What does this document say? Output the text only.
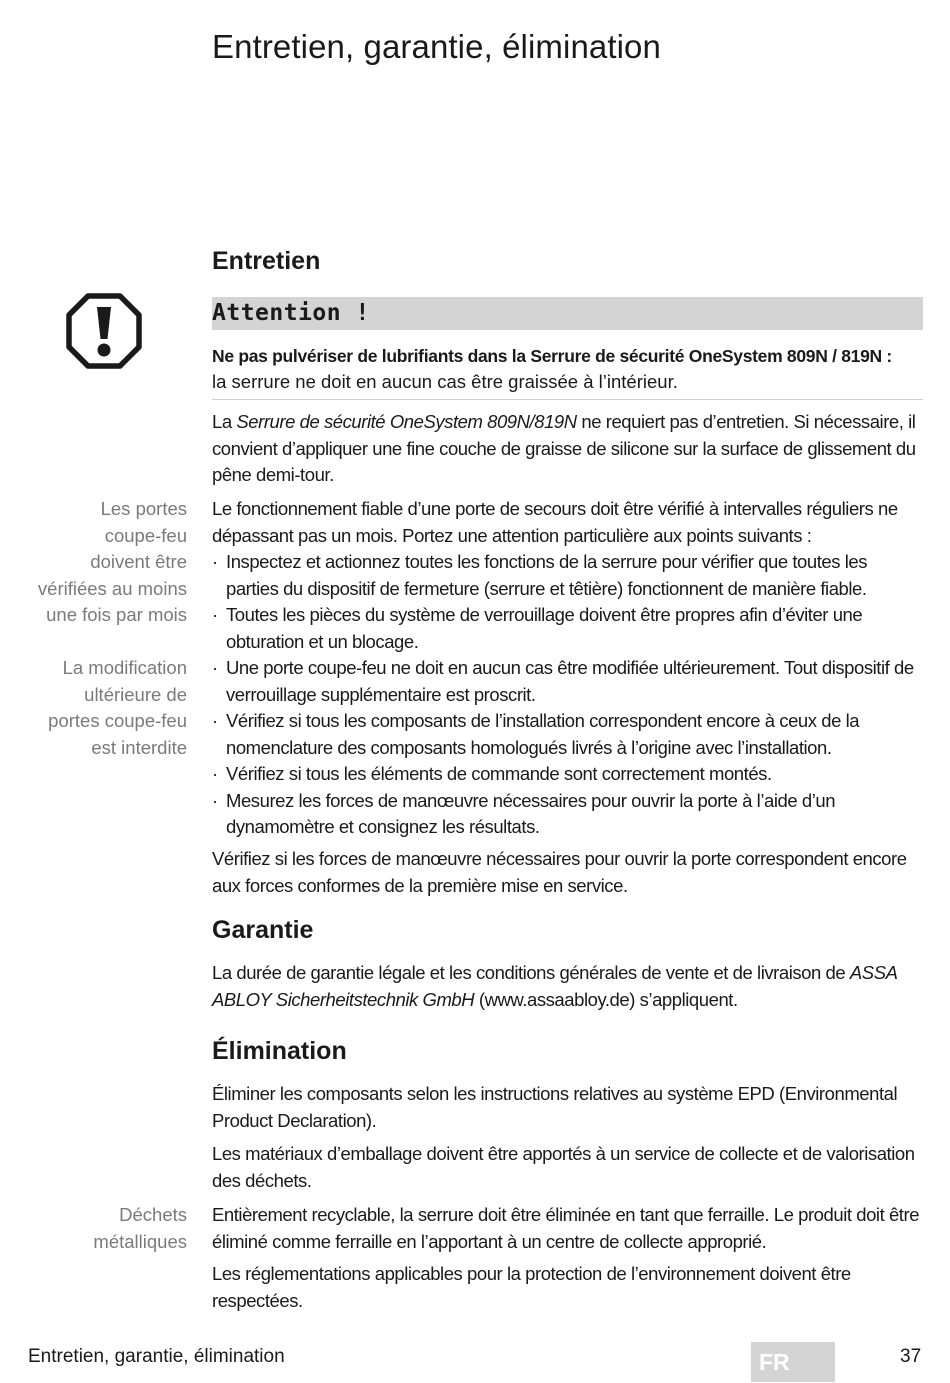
Entretien, garantie, élimination
Entretien
Attention !
Ne pas pulvériser de lubrifiants dans la Serrure de sécurité OneSystem 809N / 819N :
la serrure ne doit en aucun cas être graissée à l’intérieur.

La Serrure de sécurité OneSystem 809N/819N ne requiert pas d’entretien. Si nécessaire, il convient d’appliquer une fine couche de graisse de silicone sur la surface de glissement du pêne demi-tour.

Les portes
coupe-feu
doivent être
vérifiées au moins
une fois par mois

La modification
ultérieure de
portes coupe-feu
est interdite

Le fonctionnement fiable d’une porte de secours doit être vérifié à intervalles réguliers ne dépassant pas un mois. Portez une attention particulière aux points suivants :
· Inspectez et actionnez toutes les fonctions de la serrure pour vérifier que toutes les parties du dispositif de fermeture (serrure et têtière) fonctionnent de manière fiable.
· Toutes les pièces du système de verrouillage doivent être propres afin d’éviter une obturation et un blocage.
· Une porte coupe-feu ne doit en aucun cas être modifiée ultérieurement. Tout dispositif de verrouillage supplémentaire est proscrit.
· Vérifiez si tous les composants de l’installation correspondent encore à ceux de la nomenclature des composants homologués livrés à l’origine avec l’installation.
· Vérifiez si tous les éléments de commande sont correctement montés.
· Mesurez les forces de manœuvre nécessaires pour ouvrir la porte à l’aide d’un dynamomètre et consignez les résultats.

Vérifiez si les forces de manœuvre nécessaires pour ouvrir la porte correspondent encore aux forces conformes de la première mise en service.

Garantie

La durée de garantie légale et les conditions générales de vente et de livraison de ASSA ABLOY Sicherheitstechnik GmbH (www.assaabloy.de) s’appliquent.

Élimination

Éliminer les composants selon les instructions relatives au système EPD (Environmental Product Declaration).

Les matériaux d’emballage doivent être apportés à un service de collecte et de valorisation des déchets.

Déchets
métalliques

Entièrement recyclable, la serrure doit être éliminée en tant que ferraille. Le produit doit être éliminé comme ferraille en l’apportant à un centre de collecte approprié.

Les réglementations applicables pour la protection de l’environnement doivent être respectées.

Entretien, garantie, élimination	FR	37
